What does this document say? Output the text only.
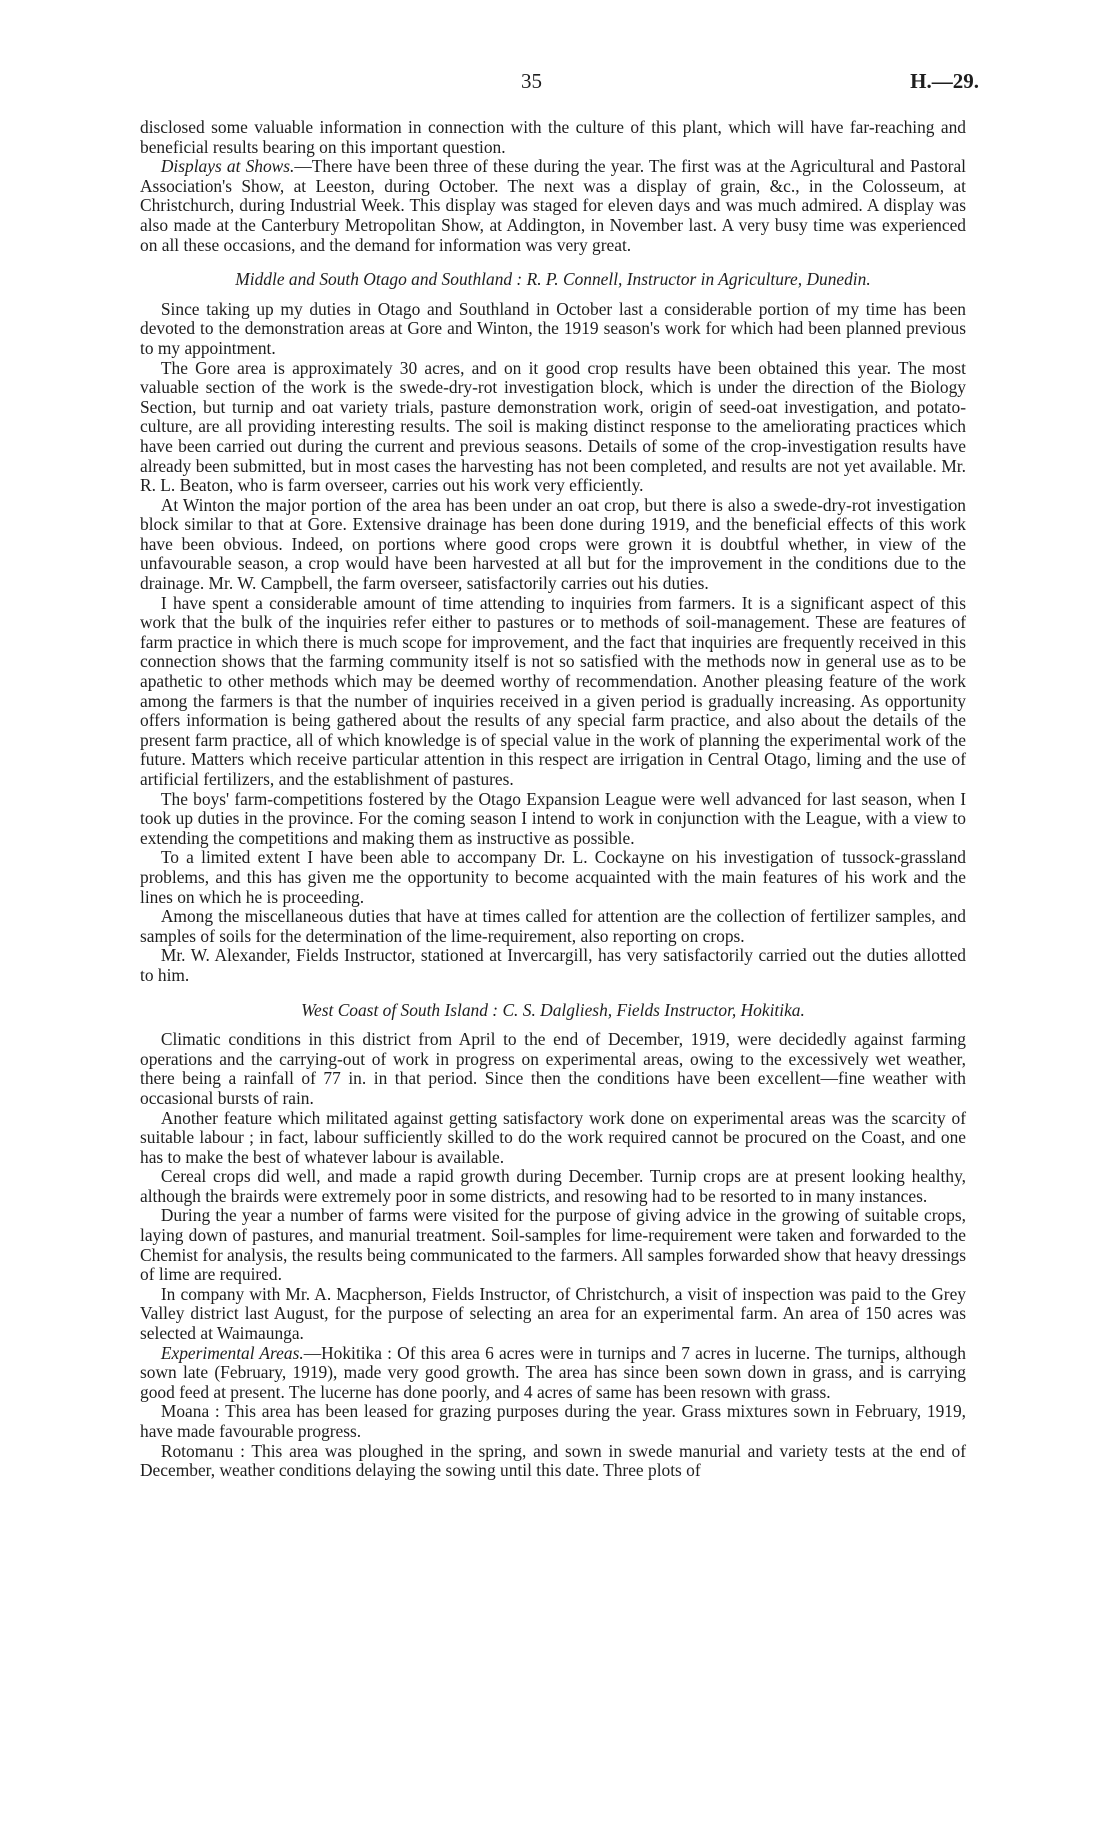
35	H.—29.

disclosed some valuable information in connection with the culture of this plant, which will have far-reaching and beneficial results bearing on this important question.

Displays at Shows.—There have been three of these during the year. The first was at the Agricultural and Pastoral Association's Show, at Leeston, during October. The next was a display of grain, &c., in the Colosseum, at Christchurch, during Industrial Week. This display was staged for eleven days and was much admired. A display was also made at the Canterbury Metropolitan Show, at Addington, in November last. A very busy time was experienced on all these occasions, and the demand for information was very great.

Middle and South Otago and Southland : R. P. Connell, Instructor in Agriculture, Dunedin.

Since taking up my duties in Otago and Southland in October last a considerable portion of my time has been devoted to the demonstration areas at Gore and Winton, the 1919 season's work for which had been planned previous to my appointment.

The Gore area is approximately 30 acres, and on it good crop results have been obtained this year. The most valuable section of the work is the swede-dry-rot investigation block, which is under the direction of the Biology Section, but turnip and oat variety trials, pasture demonstration work, origin of seed-oat investigation, and potato-culture, are all providing interesting results. The soil is making distinct response to the ameliorating practices which have been carried out during the current and previous seasons. Details of some of the crop-investigation results have already been submitted, but in most cases the harvesting has not been completed, and results are not yet available. Mr. R. L. Beaton, who is farm overseer, carries out his work very efficiently.

At Winton the major portion of the area has been under an oat crop, but there is also a swede-dry-rot investigation block similar to that at Gore. Extensive drainage has been done during 1919, and the beneficial effects of this work have been obvious. Indeed, on portions where good crops were grown it is doubtful whether, in view of the unfavourable season, a crop would have been harvested at all but for the improvement in the conditions due to the drainage. Mr. W. Campbell, the farm overseer, satisfactorily carries out his duties.

I have spent a considerable amount of time attending to inquiries from farmers. It is a significant aspect of this work that the bulk of the inquiries refer either to pastures or to methods of soil-management. These are features of farm practice in which there is much scope for improvement, and the fact that inquiries are frequently received in this connection shows that the farming community itself is not so satisfied with the methods now in general use as to be apathetic to other methods which may be deemed worthy of recommendation. Another pleasing feature of the work among the farmers is that the number of inquiries received in a given period is gradually increasing. As opportunity offers information is being gathered about the results of any special farm practice, and also about the details of the present farm practice, all of which knowledge is of special value in the work of planning the experimental work of the future. Matters which receive particular attention in this respect are irrigation in Central Otago, liming and the use of artificial fertilizers, and the establishment of pastures.

The boys' farm-competitions fostered by the Otago Expansion League were well advanced for last season, when I took up duties in the province. For the coming season I intend to work in conjunction with the League, with a view to extending the competitions and making them as instructive as possible.

To a limited extent I have been able to accompany Dr. L. Cockayne on his investigation of tussock-grassland problems, and this has given me the opportunity to become acquainted with the main features of his work and the lines on which he is proceeding.

Among the miscellaneous duties that have at times called for attention are the collection of fertilizer samples, and samples of soils for the determination of the lime-requirement, also reporting on crops.

Mr. W. Alexander, Fields Instructor, stationed at Invercargill, has very satisfactorily carried out the duties allotted to him.

West Coast of South Island : C. S. Dalgliesh, Fields Instructor, Hokitika.

Climatic conditions in this district from April to the end of December, 1919, were decidedly against farming operations and the carrying-out of work in progress on experimental areas, owing to the excessively wet weather, there being a rainfall of 77 in. in that period. Since then the conditions have been excellent—fine weather with occasional bursts of rain.

Another feature which militated against getting satisfactory work done on experimental areas was the scarcity of suitable labour ; in fact, labour sufficiently skilled to do the work required cannot be procured on the Coast, and one has to make the best of whatever labour is available.

Cereal crops did well, and made a rapid growth during December. Turnip crops are at present looking healthy, although the brairds were extremely poor in some districts, and resowing had to be resorted to in many instances.

During the year a number of farms were visited for the purpose of giving advice in the growing of suitable crops, laying down of pastures, and manurial treatment. Soil-samples for lime-requirement were taken and forwarded to the Chemist for analysis, the results being communicated to the farmers. All samples forwarded show that heavy dressings of lime are required.

In company with Mr. A. Macpherson, Fields Instructor, of Christchurch, a visit of inspection was paid to the Grey Valley district last August, for the purpose of selecting an area for an experimental farm. An area of 150 acres was selected at Waimaunga.

Experimental Areas.—Hokitika : Of this area 6 acres were in turnips and 7 acres in lucerne. The turnips, although sown late (February, 1919), made very good growth. The area has since been sown down in grass, and is carrying good feed at present. The lucerne has done poorly, and 4 acres of same has been resown with grass.

Moana : This area has been leased for grazing purposes during the year. Grass mixtures sown in February, 1919, have made favourable progress.

Rotomanu : This area was ploughed in the spring, and sown in swede manurial and variety tests at the end of December, weather conditions delaying the sowing until this date. Three plots of
